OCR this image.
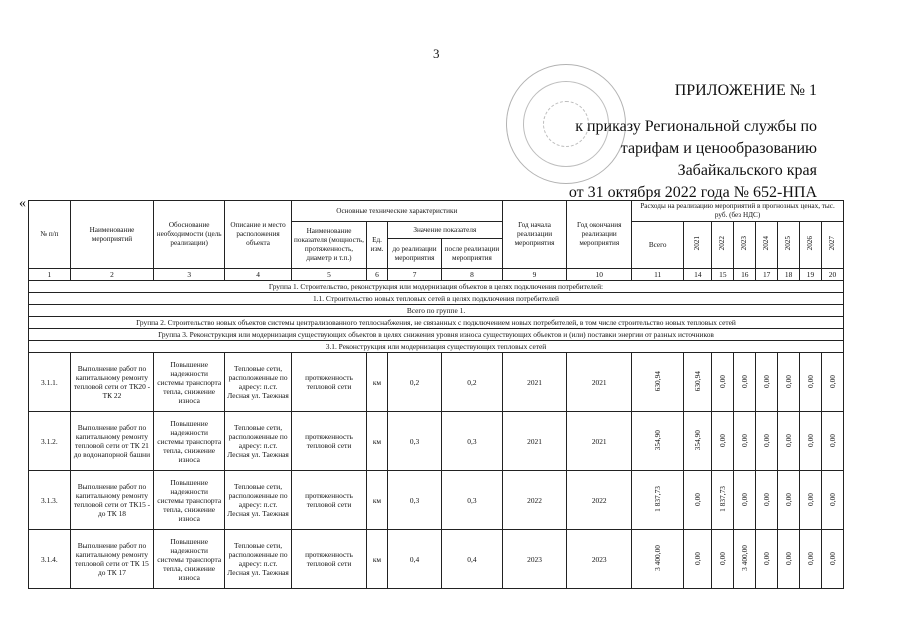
3
ПРИЛОЖЕНИЕ № 1
к приказу Региональной службы по
тарифам и ценообразованию
Забайкальского края
от 31 октября 2022 года № 652-НПА
«
№ п/п	Наименование мероприятий	Обоснование необходимости (цель реализации)	Описание и место расположения объекта	Основные технические характеристики				Год начала реализации мероприятия	Год окончания реализации мероприятия	Расходы на реализацию мероприятий в прогнозных ценах, тыс. руб. (без НДС)							
				Наименование показателя (мощность, протяженность, диаметр и т.п.)	Ед. изм.	Значение показателя				Всего	2021	2022	2023	2024	2025	2026	2027
						до реализации мероприятия	после реализации мероприятия										
1	2	3	4	5	6	7	8	9	10	11	14	15	16	17	18	19	20
Группа 1. Строительство, реконструкция или модернизация объектов в целях подключения потребителей:																	
1.1. Строительство новых тепловых сетей в целях подключения потребителей																	
Всего по группе 1.																	
Группа 2. Строительство новых объектов системы централизованного теплоснабжения, не связанных с подключением новых потребителей, в том числе строительство новых тепловых сетей																	
Группа 3. Реконструкция или модернизация существующих объектов в целях снижения уровня износа существующих объектов и (или) поставки энергии от разных источников																	
3.1. Реконструкция или модернизация существующих тепловых сетей																	
3.1.1.	Выполнение работ по капитальному ремонту тепловой сети от ТК20 - ТК 22	Повышение надежности системы транспорта тепла, снижение износа	Тепловые сети, расположенные по адресу: п.ст. Лесная ул. Таежная	протяженность тепловой сети	км	0,2	0,2	2021	2021	630,94	630,94	0,00	0,00	0,00	0,00	0,00	0,00
3.1.2.	Выполнение работ по капитальному ремонту тепловой сети от ТК 21 до водонапорной башни	Повышение надежности системы транспорта тепла, снижение износа	Тепловые сети, расположенные по адресу: п.ст. Лесная ул. Таежная	протяженность тепловой сети	км	0,3	0,3	2021	2021	354,90	354,90	0,00	0,00	0,00	0,00	0,00	0,00
3.1.3.	Выполнение работ по капитальному ремонту тепловой сети от ТК15 - до ТК 18	Повышение надежности системы транспорта тепла, снижение износа	Тепловые сети, расположенные по адресу: п.ст. Лесная ул. Таежная	протяженность тепловой сети	км	0,3	0,3	2022	2022	1 837,73	0,00	1 837,73	0,00	0,00	0,00	0,00	0,00
3.1.4.	Выполнение работ по капитальному ремонту тепловой сети от ТК 15 до ТК 17	Повышение надежности системы транспорта тепла, снижение износа	Тепловые сети, расположенные по адресу: п.ст. Лесная ул. Таежная	протяженность тепловой сети	км	0,4	0,4	2023	2023	3 400,00	0,00	0,00	3 400,00	0,00	0,00	0,00	0,00
